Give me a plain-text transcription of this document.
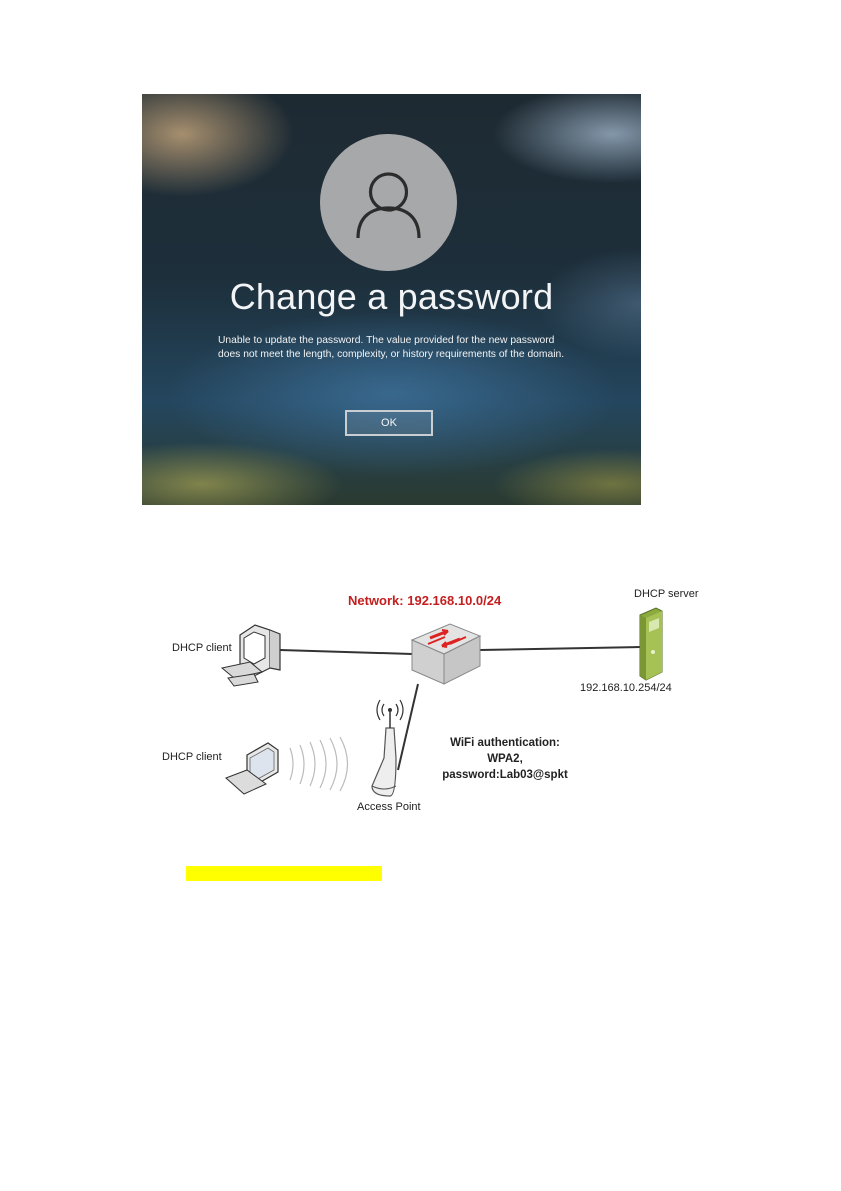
Change a password
Unable to update the password. The value provided for the new password does not meet the length, complexity, or history requirements of the domain.
OK
Network: 192.168.10.0/24	DHCP server
192.168.10.254/24
DHCP client
DHCP client
Access Point
WiFi authentication:
WPA2,
password:Lab03@spkt
